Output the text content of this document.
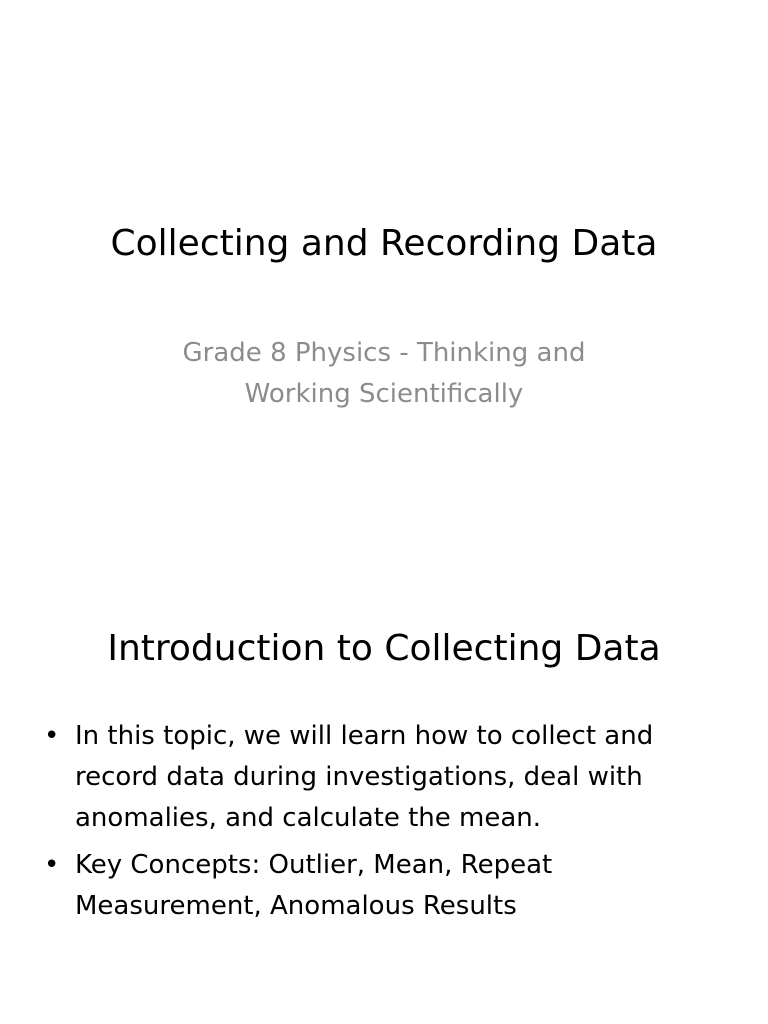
Collecting and Recording Data
Grade 8 Physics - Thinking and Working Scientifically
Introduction to Collecting Data
• In this topic, we will learn how to collect and record data during investigations, deal with anomalies, and calculate the mean.
• Key Concepts: Outlier, Mean, Repeat Measurement, Anomalous Results
